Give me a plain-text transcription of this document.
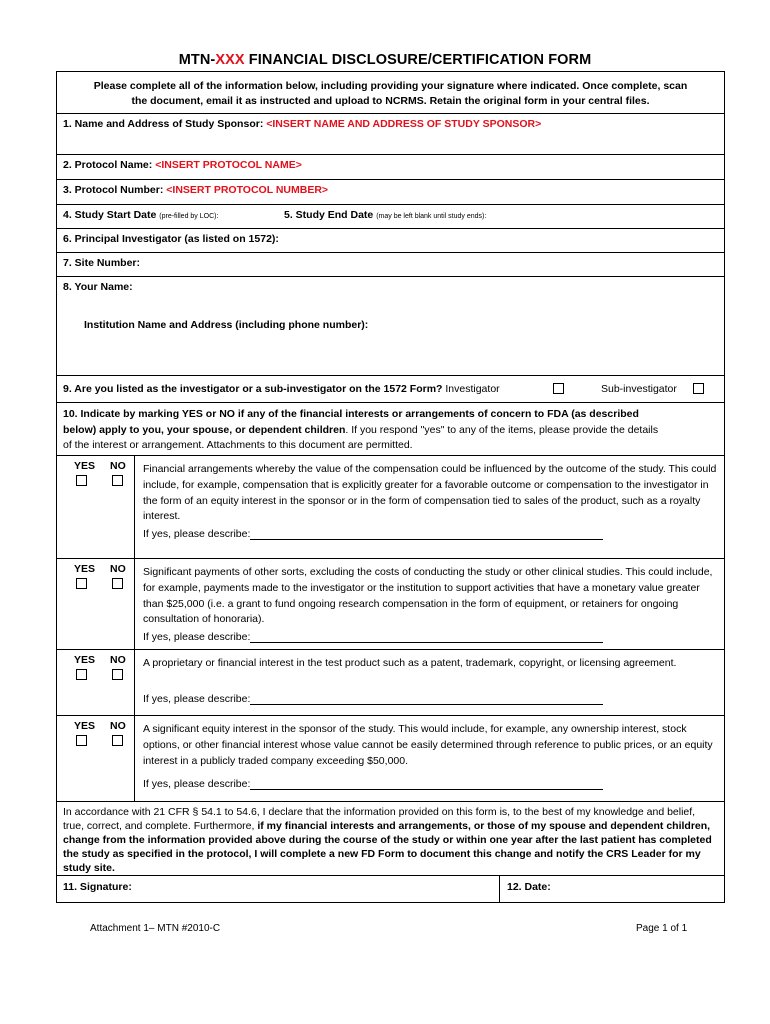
MTN-XXX FINANCIAL DISCLOSURE/CERTIFICATION FORM
Please complete all of the information below, including providing your signature where indicated. Once complete, scan
the document, email it as instructed and upload to NCRMS. Retain the original form in your central files.
1. Name and Address of Study Sponsor: <INSERT NAME AND ADDRESS OF STUDY SPONSOR>
2. Protocol Name: <INSERT PROTOCOL NAME>
3. Protocol Number: <INSERT PROTOCOL NUMBER>
4. Study Start Date (pre-filled by LOC):	5. Study End Date (may be left blank until study ends):
6. Principal Investigator (as listed on 1572):
7. Site Number:
8. Your Name:
Institution Name and Address (including phone number):
9. Are you listed as the investigator or a sub-investigator on the 1572 Form? Investigator	Sub-investigator
10. Indicate by marking YES or NO if any of the financial interests or arrangements of concern to FDA (as described
below) apply to you, your spouse, or dependent children. If you respond "yes" to any of the items, please provide the details
of the interest or arrangement. Attachments to this document are permitted.
YES NO Financial arrangements whereby the value of the compensation could be influenced by the outcome of the study. This could include, for example, compensation that is explicitly greater for a favorable outcome or compensation to the investigator in the form of an equity interest in the sponsor or in the form of compensation tied to sales of the product, such as a royalty interest.
If yes, please describe:
YES NO Significant payments of other sorts, excluding the costs of conducting the study or other clinical studies. This could include, for example, payments made to the investigator or the institution to support activities that have a monetary value greater than $25,000 (i.e. a grant to fund ongoing research compensation in the form of equipment, or retainers for ongoing consultation of honoraria).
If yes, please describe:
YES NO A proprietary or financial interest in the test product such as a patent, trademark, copyright, or licensing agreement.
If yes, please describe:
YES NO A significant equity interest in the sponsor of the study. This would include, for example, any ownership interest, stock options, or other financial interest whose value cannot be easily determined through reference to public prices, or an equity interest in a publicly traded company exceeding $50,000.
If yes, please describe:
In accordance with 21 CFR § 54.1 to 54.6, I declare that the information provided on this form is, to the best of my knowledge and belief, true, correct, and complete. Furthermore, if my financial interests and arrangements, or those of my spouse and dependent children, change from the information provided above during the course of the study or within one year after the last patient has completed the study as specified in the protocol, I will complete a new FD Form to document this change and notify the CRS Leader for my study site.
11. Signature:	12. Date:
Attachment 1– MTN #2010-C	Page 1 of 1
